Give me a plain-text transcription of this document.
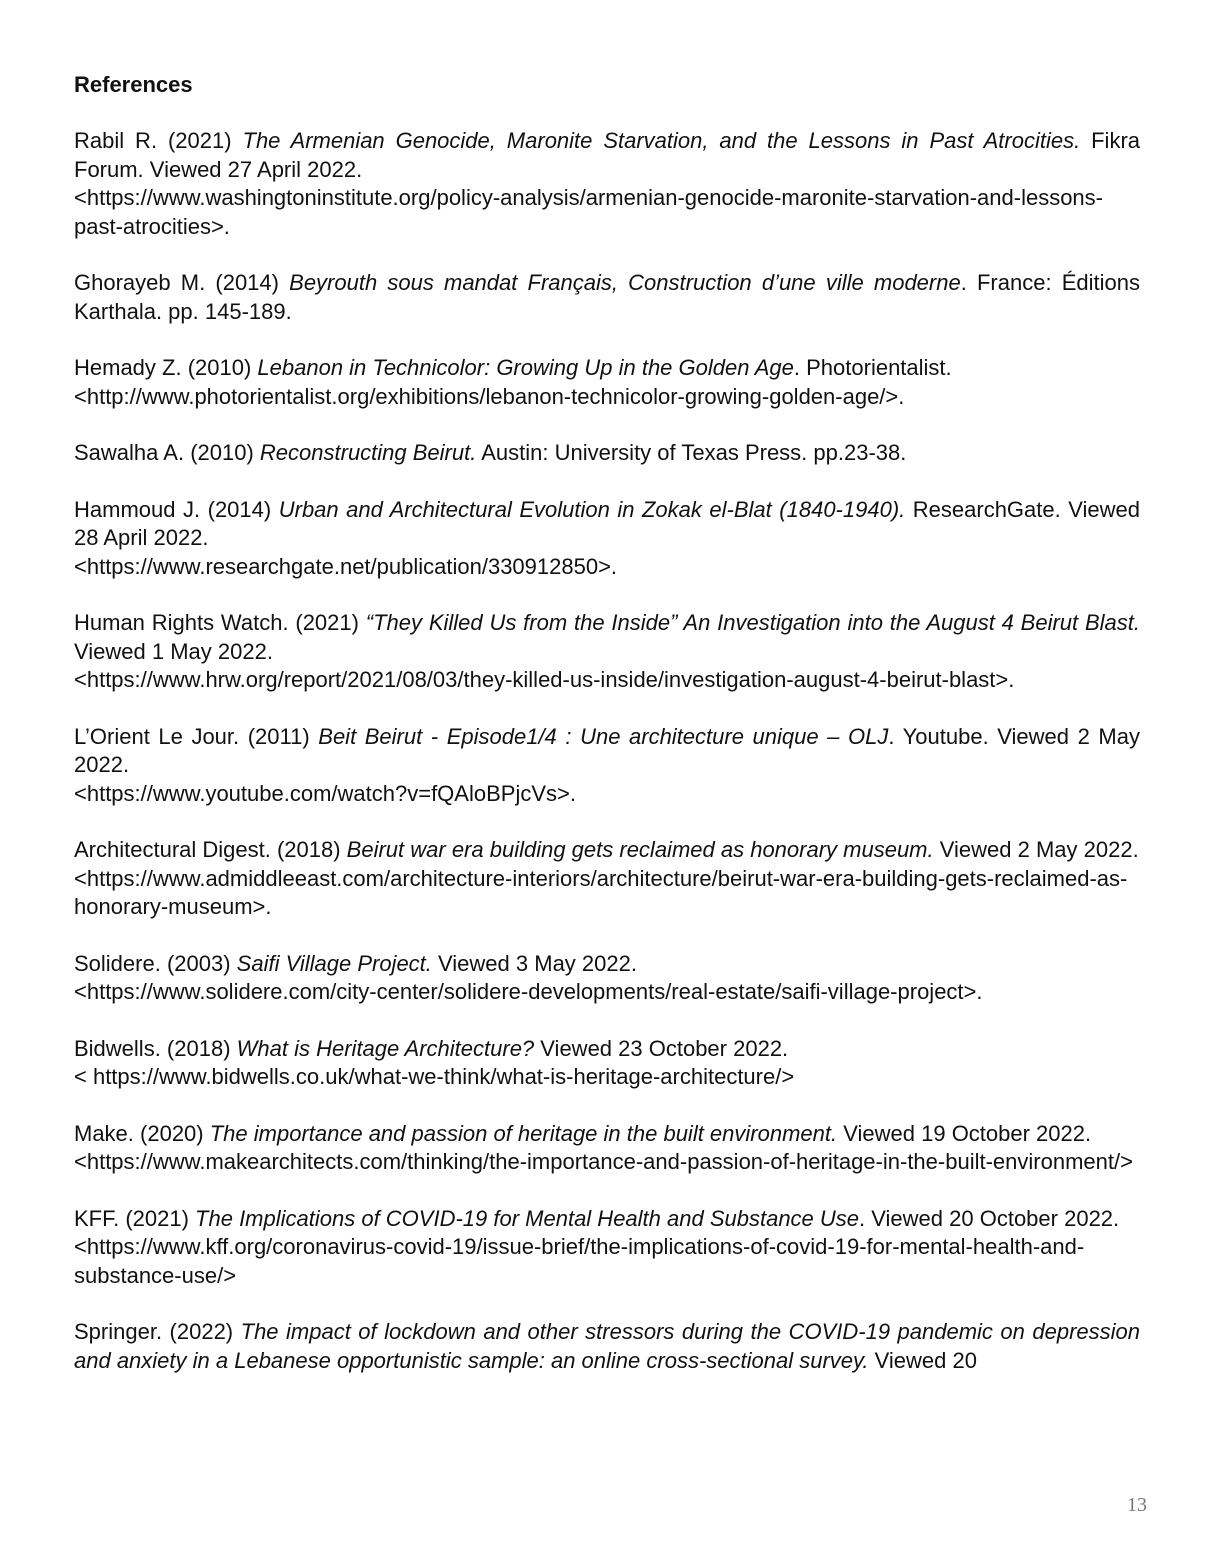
References

Rabil R. (2021) The Armenian Genocide, Maronite Starvation, and the Lessons in Past Atrocities. Fikra Forum. Viewed 27 April 2022.
<https://www.washingtoninstitute.org/policy-analysis/armenian-genocide-maronite-starvation-and-lessons-past-atrocities>.

Ghorayeb M. (2014) Beyrouth sous mandat Français, Construction d’une ville moderne. France: Éditions Karthala. pp. 145-189.

Hemady Z. (2010) Lebanon in Technicolor: Growing Up in the Golden Age. Photorientalist.
<http://www.photorientalist.org/exhibitions/lebanon-technicolor-growing-golden-age/>.

Sawalha A. (2010) Reconstructing Beirut. Austin: University of Texas Press. pp.23-38.

Hammoud J. (2014) Urban and Architectural Evolution in Zokak el-Blat (1840-1940). ResearchGate. Viewed 28 April 2022.
<https://www.researchgate.net/publication/330912850>.

Human Rights Watch. (2021) “They Killed Us from the Inside” An Investigation into the August 4 Beirut Blast. Viewed 1 May 2022.
<https://www.hrw.org/report/2021/08/03/they-killed-us-inside/investigation-august-4-beirut-blast>.

L’Orient Le Jour. (2011) Beit Beirut - Episode1/4 : Une architecture unique – OLJ. Youtube. Viewed 2 May 2022.
<https://www.youtube.com/watch?v=fQAloBPjcVs>.

Architectural Digest. (2018) Beirut war era building gets reclaimed as honorary museum. Viewed 2 May 2022.
<https://www.admiddleeast.com/architecture-interiors/architecture/beirut-war-era-building-gets-reclaimed-as-honorary-museum>.

Solidere. (2003) Saifi Village Project. Viewed 3 May 2022.
<https://www.solidere.com/city-center/solidere-developments/real-estate/saifi-village-project>.

Bidwells. (2018) What is Heritage Architecture? Viewed 23 October 2022.
< https://www.bidwells.co.uk/what-we-think/what-is-heritage-architecture/>

Make. (2020) The importance and passion of heritage in the built environment. Viewed 19 October 2022.
<https://www.makearchitects.com/thinking/the-importance-and-passion-of-heritage-in-the-built-environment/>

KFF. (2021) The Implications of COVID-19 for Mental Health and Substance Use. Viewed 20 October 2022.
<https://www.kff.org/coronavirus-covid-19/issue-brief/the-implications-of-covid-19-for-mental-health-and-substance-use/>

Springer. (2022) The impact of lockdown and other stressors during the COVID-19 pandemic on depression and anxiety in a Lebanese opportunistic sample: an online cross-sectional survey. Viewed 20

13
